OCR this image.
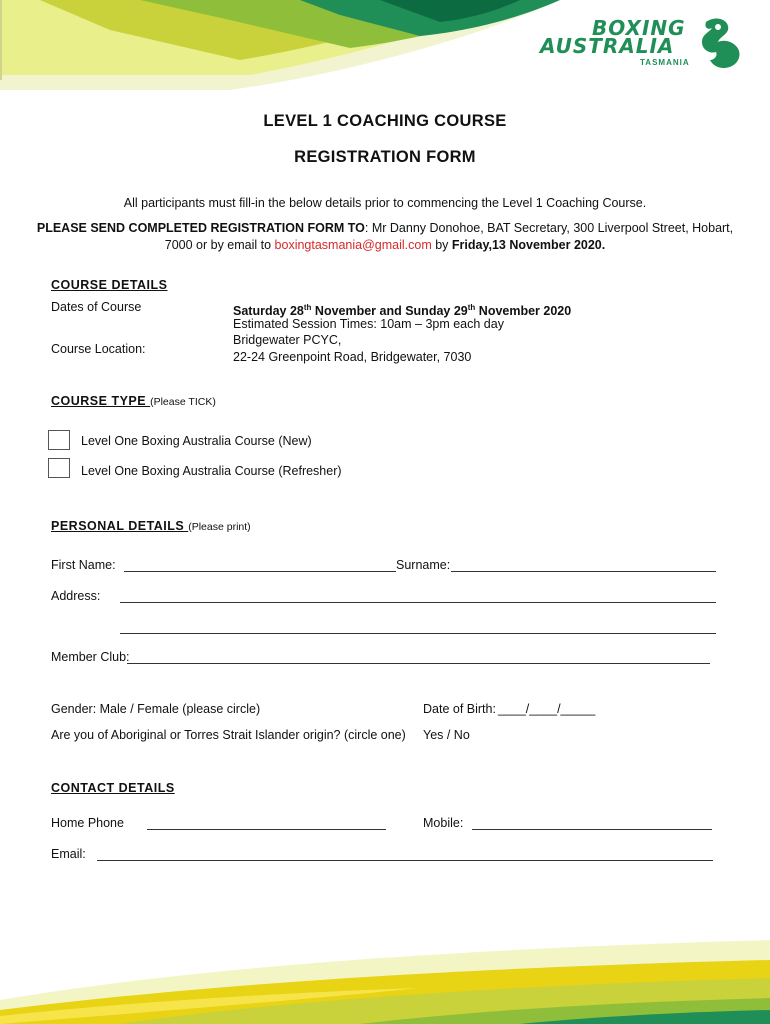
BOXING
AUSTRALIA
TASMANIA
LEVEL 1 COACHING COURSE
REGISTRATION FORM
All participants must fill-in the below details prior to commencing the Level 1 Coaching Course.
PLEASE SEND COMPLETED REGISTRATION FORM TO: Mr Danny Donohoe, BAT Secretary, 300 Liverpool Street, Hobart,
7000 or by email to boxingtasmania@gmail.com by Friday,13 November 2020.
COURSE DETAILS
Dates of Course	Saturday 28th November and Sunday 29th November 2020
Estimated Session Times: 10am – 3pm each day
Course Location:
Bridgewater PCYC,
22-24 Greenpoint Road, Bridgewater, 7030
COURSE TYPE (Please TICK)
Level One Boxing Australia Course (New)
Level One Boxing Australia Course (Refresher)
PERSONAL DETAILS (Please print)
First Name:	Surname:
Address:
Member Club:
Gender: Male / Female (please circle)	Date of Birth: ____/____/_____
Are you of Aboriginal or Torres Strait Islander origin? (circle one) Yes / No
CONTACT DETAILS
Home Phone	Mobile:
Email:
